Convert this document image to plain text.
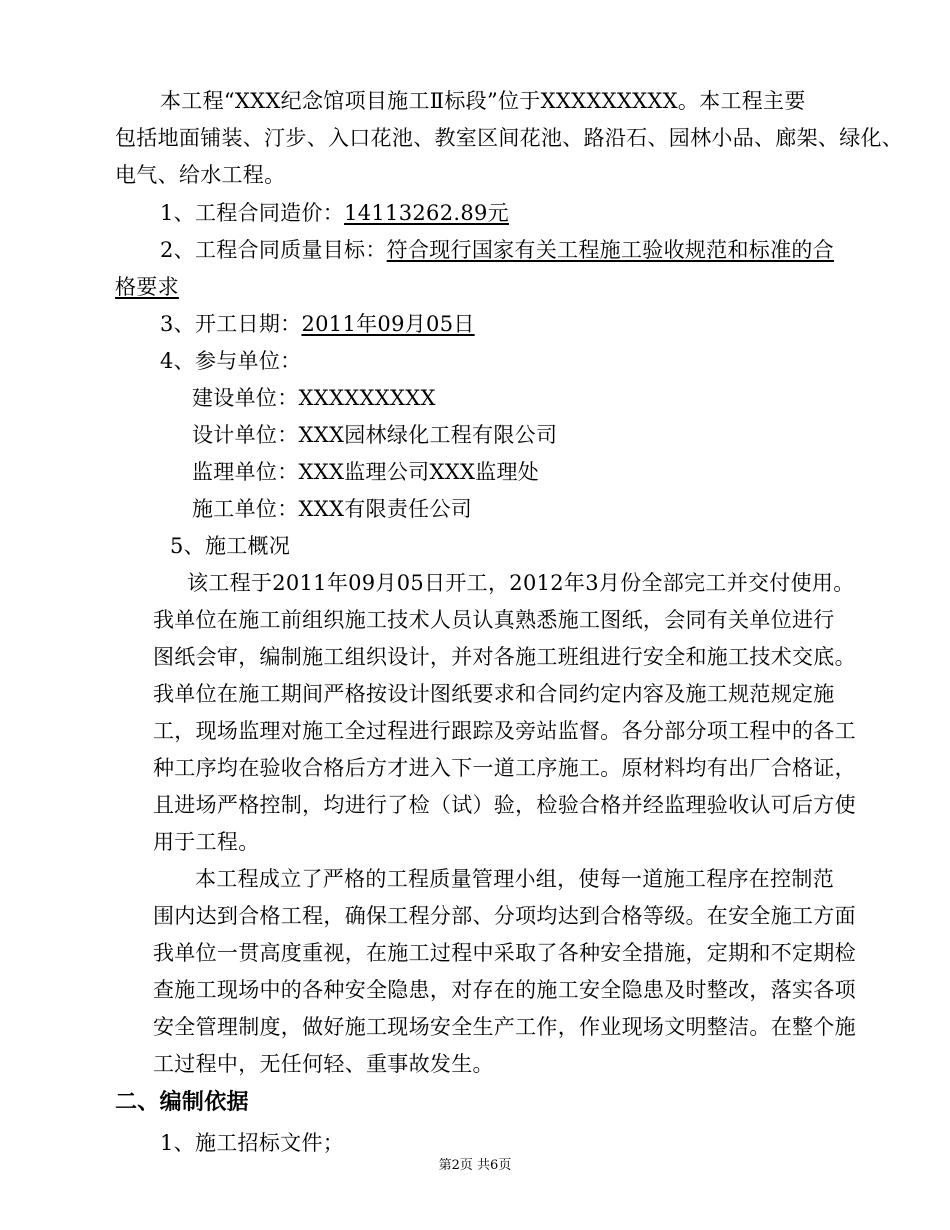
本工程“XXX纪念馆项目施工Ⅱ标段”位于XXXXXXXXX。本工程主要
包括地面铺装、汀步、入口花池、教室区间花池、路沿石、园林小品、廊架、绿化、
电气、给水工程。
1、工程合同造价：14113262.89元
2、工程合同质量目标：符合现行国家有关工程施工验收规范和标准的合
格要求
3、开工日期：2011年09月05日
4、参与单位：
建设单位：XXXXXXXXX
设计单位：XXX园林绿化工程有限公司
监理单位：XXX监理公司XXX监理处
施工单位：XXX有限责任公司
5、施工概况
该工程于2011年09月05日开工，2012年3月份全部完工并交付使用。
我单位在施工前组织施工技术人员认真熟悉施工图纸，会同有关单位进行
图纸会审，编制施工组织设计，并对各施工班组进行安全和施工技术交底。
我单位在施工期间严格按设计图纸要求和合同约定内容及施工规范规定施
工，现场监理对施工全过程进行跟踪及旁站监督。各分部分项工程中的各工
种工序均在验收合格后方才进入下一道工序施工。原材料均有出厂合格证，
且进场严格控制，均进行了检（试）验，检验合格并经监理验收认可后方使
用于工程。
本工程成立了严格的工程质量管理小组，使每一道施工程序在控制范
围内达到合格工程，确保工程分部、分项均达到合格等级。在安全施工方面
我单位一贯高度重视，在施工过程中采取了各种安全措施，定期和不定期检
查施工现场中的各种安全隐患，对存在的施工安全隐患及时整改，落实各项
安全管理制度，做好施工现场安全生产工作，作业现场文明整洁。在整个施
工过程中，无任何轻、重事故发生。
二、编制依据
1、施工招标文件；
第2页 共6页
